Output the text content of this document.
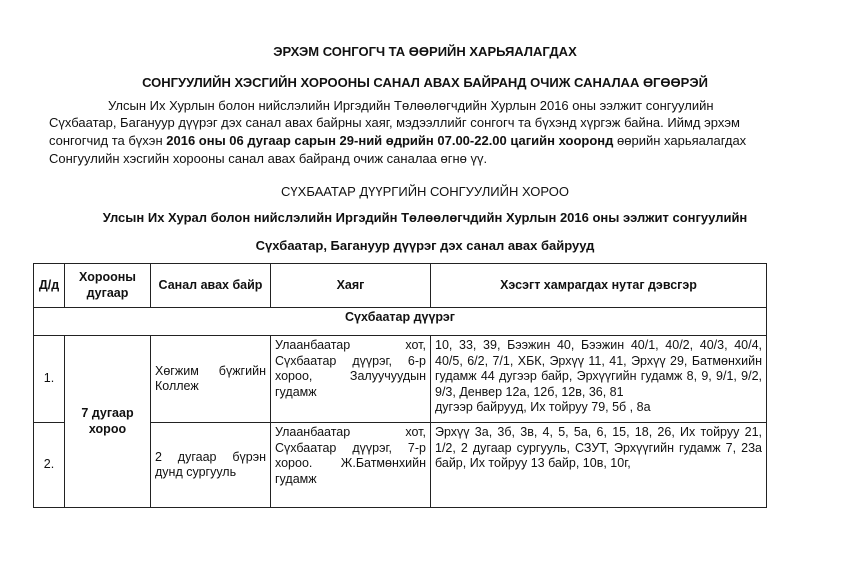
ЭРХЭМ СОНГОГЧ ТА ӨӨРИЙН ХАРЬЯАЛАГДАХ
СОНГУУЛИЙН ХЭСГИЙН ХОРООНЫ САНАЛ АВАХ БАЙРАНД ОЧИЖ САНАЛАА ӨГӨӨРЭЙ
Улсын Их Хурлын болон нийслэлийн Иргэдийн Төлөөлөгчдийн Хурлын 2016 оны ээлжит сонгуулийн
Сүхбаатар, Багануур дүүрэг дэх санал авах байрны хаяг, мэдээллийг сонгогч та бүхэнд хүргэж байна. Иймд эрхэм
сонгогчид та бүхэн 2016 оны 06 дугаар сарын 29-ний өдрийн 07.00-22.00 цагийн хооронд өөрийн харьяалагдах
Сонгуулийн хэсгийн хорооны санал авах байранд очиж саналаа өгнө үү.
СҮХБААТАР ДҮҮРГИЙН СОНГУУЛИЙН ХОРОО
Улсын Их Хурал болон нийслэлийн Иргэдийн Төлөөлөгчдийн Хурлын 2016 оны ээлжит сонгуулийн
Сүхбаатар, Багануур дүүрэг дэх санал авах байрууд
Д/д	Хорооны дугаар	Санал авах байр	Хаяг	Хэсэгт хамрагдах нутаг дэвсгэр
Сүхбаатар дүүрэг				
1.	7 дугаар хороо	Хөгжим бүжгийн Коллеж	Улаанбаатар хот, Сүхбаатар дүүрэг, 6-р хороо, Залуучуудын гудамж	10, 33, 39, Бээжин 40, Бээжин 40/1, 40/2, 40/3, 40/4, 40/5, 6/2, 7/1, ХБК, Эрхүү 11, 41, Эрхүү 29, Батмөнхийн гудамж 44 дугээр байр, Эрхүүгийн гудамж 8, 9, 9/1, 9/2, 9/3, Денвер 12а, 12б, 12в, 36, 81
дугээр байрууд, Их тойруу 79, 5б , 8а

2.		2 дугаар бүрэн дунд сургууль	Улаанбаатар хот, Сүхбаатар дүүрэг, 7-р хороо. Ж.Батмөнхийн гудамж	Эрхүү 3а, 3б, 3в, 4, 5, 5а, 6, 15, 18, 26, Их тойруу 21, 1/2, 2 дугаар сургууль, СЗУТ, Эрхүүгийн гудамж 7, 23а байр, Их тойруу 13 байр, 10в, 10г,
